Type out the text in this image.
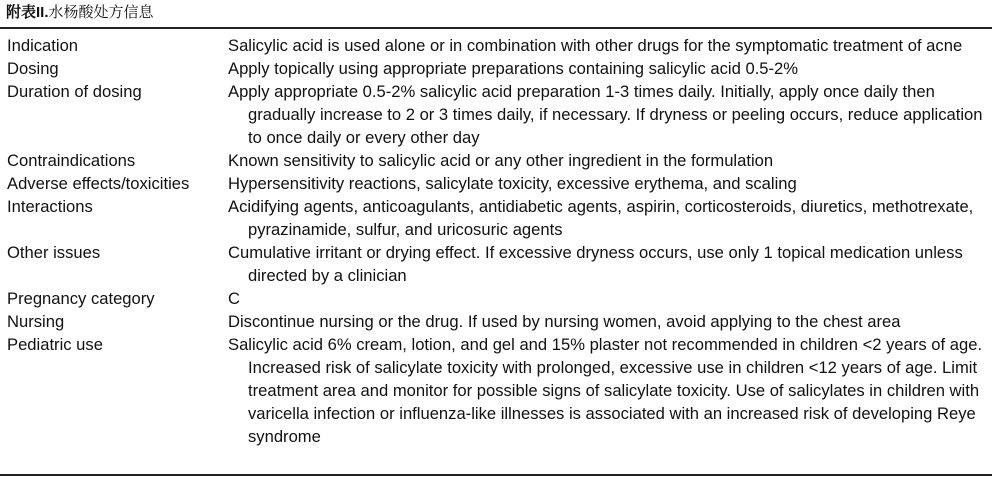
附表II.水杨酸处方信息
Indication	Salicylic acid is used alone or in combination with other drugs for the symptomatic treatment of acne
Dosing	Apply topically using appropriate preparations containing salicylic acid 0.5-2%
Duration of dosing	Apply appropriate 0.5-2% salicylic acid preparation 1-3 times daily. Initially, apply once daily then gradually increase to 2 or 3 times daily, if necessary. If dryness or peeling occurs, reduce application to once daily or every other day
Contraindications	Known sensitivity to salicylic acid or any other ingredient in the formulation
Adverse effects/toxicities	Hypersensitivity reactions, salicylate toxicity, excessive erythema, and scaling
Interactions	Acidifying agents, anticoagulants, antidiabetic agents, aspirin, corticosteroids, diuretics, methotrexate, pyrazinamide, sulfur, and uricosuric agents
Other issues	Cumulative irritant or drying effect. If excessive dryness occurs, use only 1 topical medication unless directed by a clinician
Pregnancy category	C
Nursing	Discontinue nursing or the drug. If used by nursing women, avoid applying to the chest area
Pediatric use	Salicylic acid 6% cream, lotion, and gel and 15% plaster not recommended in children <2 years of age. Increased risk of salicylate toxicity with prolonged, excessive use in children <12 years of age. Limit treatment area and monitor for possible signs of salicylate toxicity. Use of salicylates in children with varicella infection or influenza-like illnesses is associated with an increased risk of developing Reye syndrome
